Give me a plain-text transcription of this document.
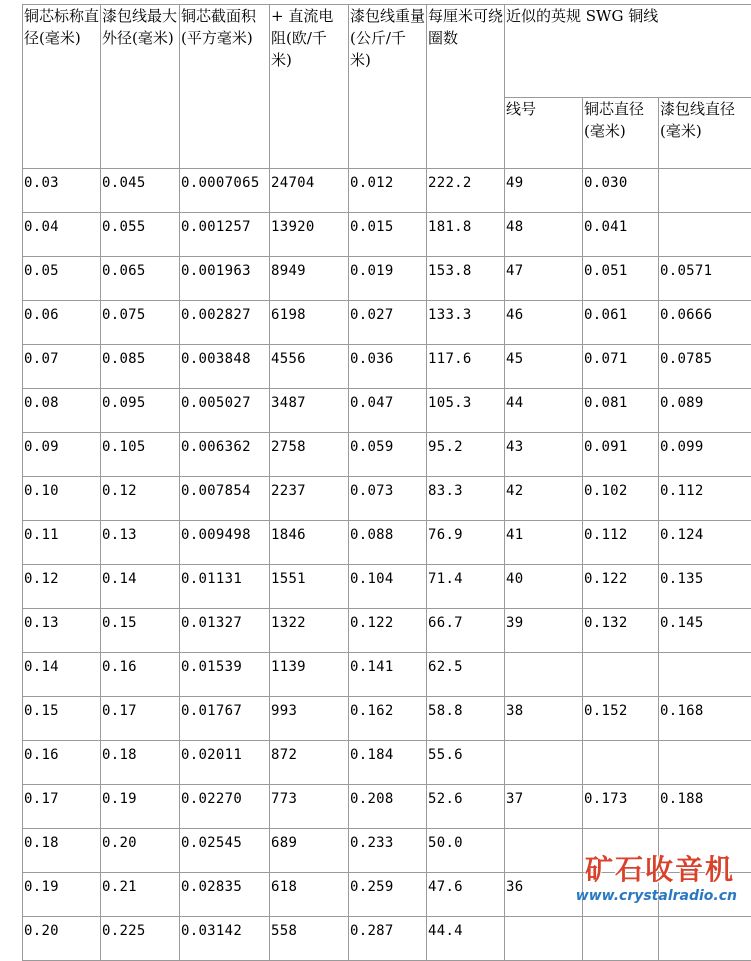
铜芯标称直径(毫米)	漆包线最大外径(毫米)	铜芯截面积(平方毫米)	+ 直流电阻(欧/千米)	漆包线重量(公斤/千米)	每厘米可绕圈数	近似的英规 SWG 铜线		
						线号	铜芯直径(毫米)	漆包线直径(毫米)
0.03	0.045	0.0007065	24704	0.012	222.2	49	0.030	
0.04	0.055	0.001257	13920	0.015	181.8	48	0.041	
0.05	0.065	0.001963	8949	0.019	153.8	47	0.051	0.0571
0.06	0.075	0.002827	6198	0.027	133.3	46	0.061	0.0666
0.07	0.085	0.003848	4556	0.036	117.6	45	0.071	0.0785
0.08	0.095	0.005027	3487	0.047	105.3	44	0.081	0.089
0.09	0.105	0.006362	2758	0.059	95.2	43	0.091	0.099
0.10	0.12	0.007854	2237	0.073	83.3	42	0.102	0.112
0.11	0.13	0.009498	1846	0.088	76.9	41	0.112	0.124
0.12	0.14	0.01131	1551	0.104	71.4	40	0.122	0.135
0.13	0.15	0.01327	1322	0.122	66.7	39	0.132	0.145
0.14	0.16	0.01539	1139	0.141	62.5			
0.15	0.17	0.01767	993	0.162	58.8	38	0.152	0.168
0.16	0.18	0.02011	872	0.184	55.6			
0.17	0.19	0.02270	773	0.208	52.6	37	0.173	0.188
0.18	0.20	0.02545	689	0.233	50.0			
0.19	0.21	0.02835	618	0.259	47.6	36		
0.20	0.225	0.03142	558	0.287	44.4			
矿石收音机
www.crystalradio.cn
